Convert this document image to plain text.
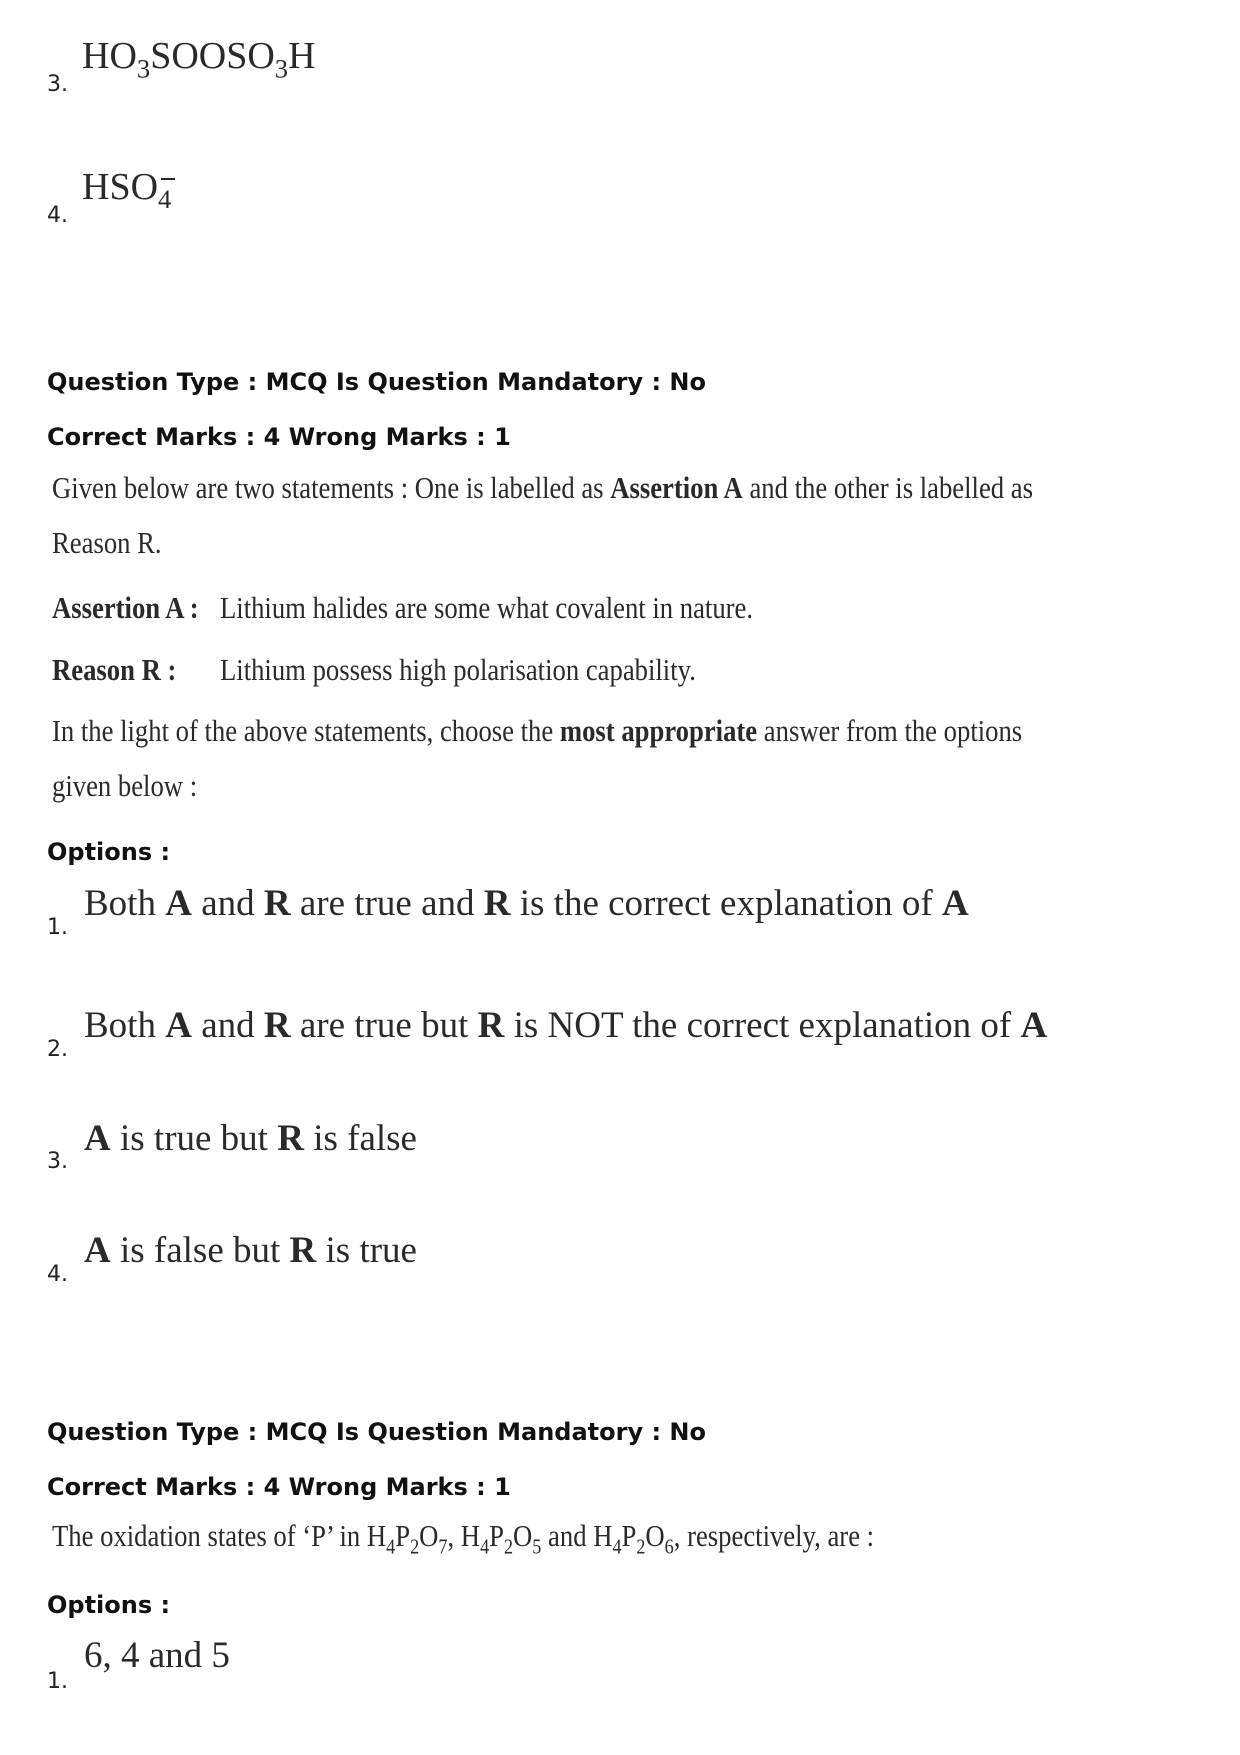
3.
$HO_3SOOSO_3H$
4.
$HSO_4$
Question Type : MCQ Is Question Mandatory : No
Correct Marks : 4 Wrong Marks : 1
Given below are two statements : One is labelled as Assertion A and the other is labelled as
Reason R.
Assertion A : Lithium halides are some what covalent in nature.
Reason R : Lithium possess high polarisation capability.
In the light of the above statements, choose the most appropriate answer from the options
given below :
Options :
1.
Both A and R are true and R is the correct explanation of A
2.
Both A and R are true but R is NOT the correct explanation of A
3.
A is true but R is false
4.
A is false but R is true
Question Type : MCQ Is Question Mandatory : No
Correct Marks : 4 Wrong Marks : 1
The oxidation states of ‘P’ in $H_4P_2O_7$, $H_4P_2O_5$ and $H_4P_2O_6$, respectively, are :
Options :
1.
6, 4 and 5
